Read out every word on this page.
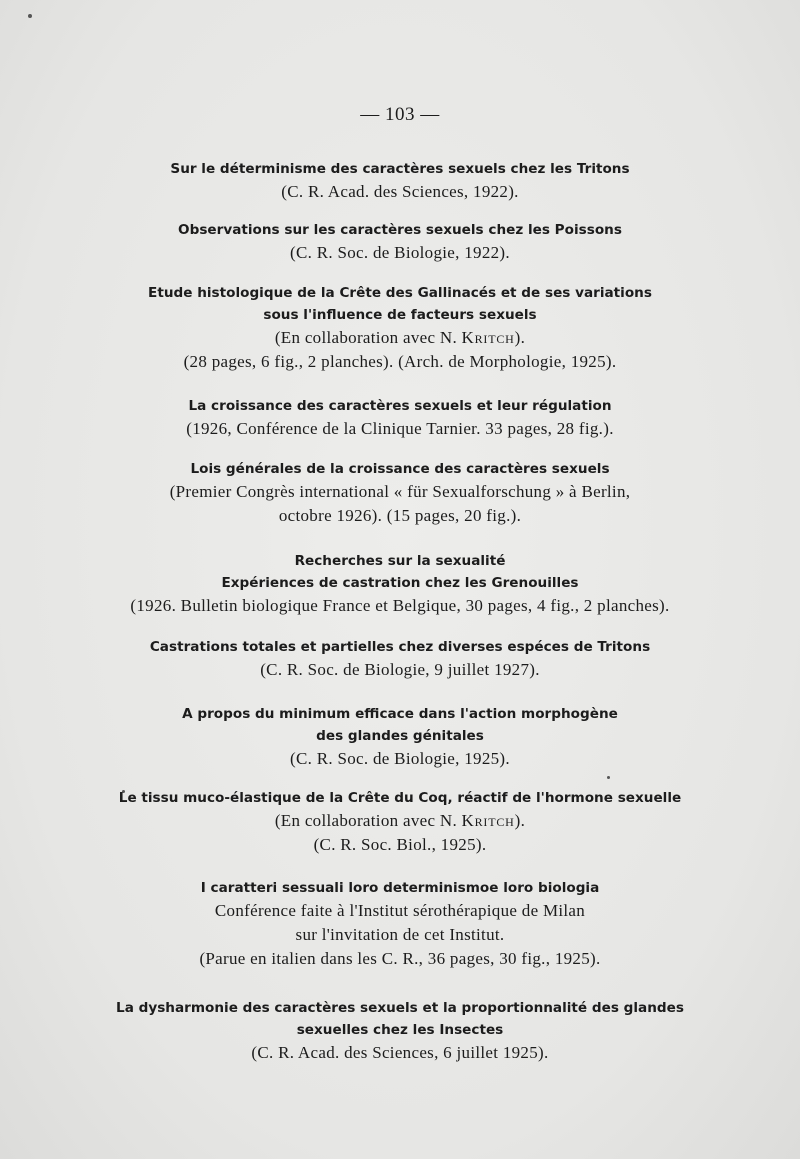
— 103 —
Sur le déterminisme des caractères sexuels chez les Tritons
(C. R. Acad. des Sciences, 1922).
Observations sur les caractères sexuels chez les Poissons
(C. R. Soc. de Biologie, 1922).
Etude histologique de la Crête des Gallinacés et de ses variations
sous l'influence de facteurs sexuels
(En collaboration avec N. Kritch).
(28 pages, 6 fig., 2 planches). (Arch. de Morphologie, 1925).
La croissance des caractères sexuels et leur régulation
(1926, Conférence de la Clinique Tarnier. 33 pages, 28 fig.).
Lois générales de la croissance des caractères sexuels
(Premier Congrès international « für Sexualforschung » à Berlin,
octobre 1926). (15 pages, 20 fig.).
Recherches sur la sexualité
Expériences de castration chez les Grenouilles
(1926. Bulletin biologique France et Belgique, 30 pages, 4 fig., 2 planches).
Castrations totales et partielles chez diverses espéces de Tritons
(C. R. Soc. de Biologie, 9 juillet 1927).
A propos du minimum efficace dans l'action morphogène
des glandes génitales
(C. R. Soc. de Biologie, 1925).
Le tissu muco-élastique de la Crête du Coq, réactif de l'hormone sexuelle
(En collaboration avec N. Kritch).
(C. R. Soc. Biol., 1925).
I caratteri sessuali loro determinismoe loro biologia
Conférence faite à l'Institut sérothérapique de Milan
sur l'invitation de cet Institut.
(Parue en italien dans les C. R., 36 pages, 30 fig., 1925).
La dysharmonie des caractères sexuels et la proportionnalité des glandes
sexuelles chez les Insectes
(C. R. Acad. des Sciences, 6 juillet 1925).
